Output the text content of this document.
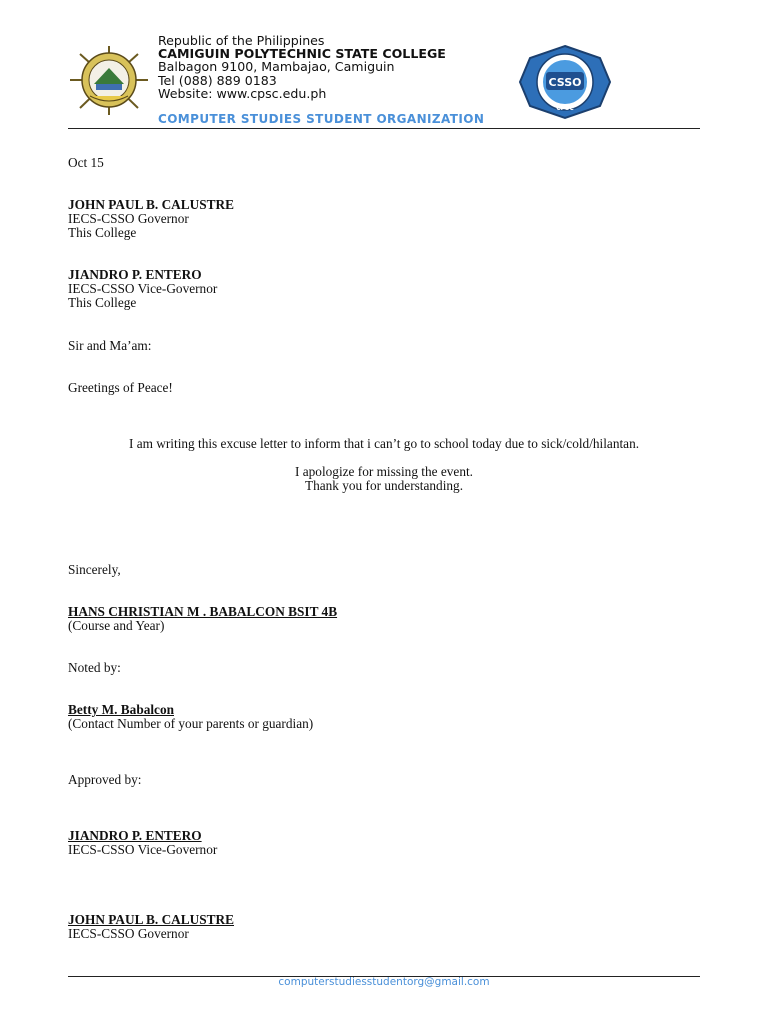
CSSO
CPSC
Republic of the Philippines
CAMIGUIN POLYTECHNIC STATE COLLEGE
Balbagon 9100, Mambajao, Camiguin
Tel (088) 889 0183
Website: www.cpsc.edu.ph
COMPUTER STUDIES STUDENT ORGANIZATION
Oct 15
JOHN PAUL B. CALUSTRE
IECS-CSSO Governor
This College
JIANDRO P. ENTERO
IECS-CSSO Vice-Governor
This College
Sir and Ma’am:
Greetings of Peace!
I am writing this excuse letter to inform that i can’t go to school today due to sick/cold/hilantan.
I apologize for missing the event.
Thank you for understanding.
Sincerely,
HANS CHRISTIAN M . BABALCON BSIT 4B
(Course and Year)
Noted by:
Betty M. Babalcon
(Contact Number of your parents or guardian)
Approved by:
JIANDRO P. ENTERO
IECS-CSSO Vice-Governor
JOHN PAUL B. CALUSTRE
IECS-CSSO Governor
computerstudiesstudentorg@gmail.com
